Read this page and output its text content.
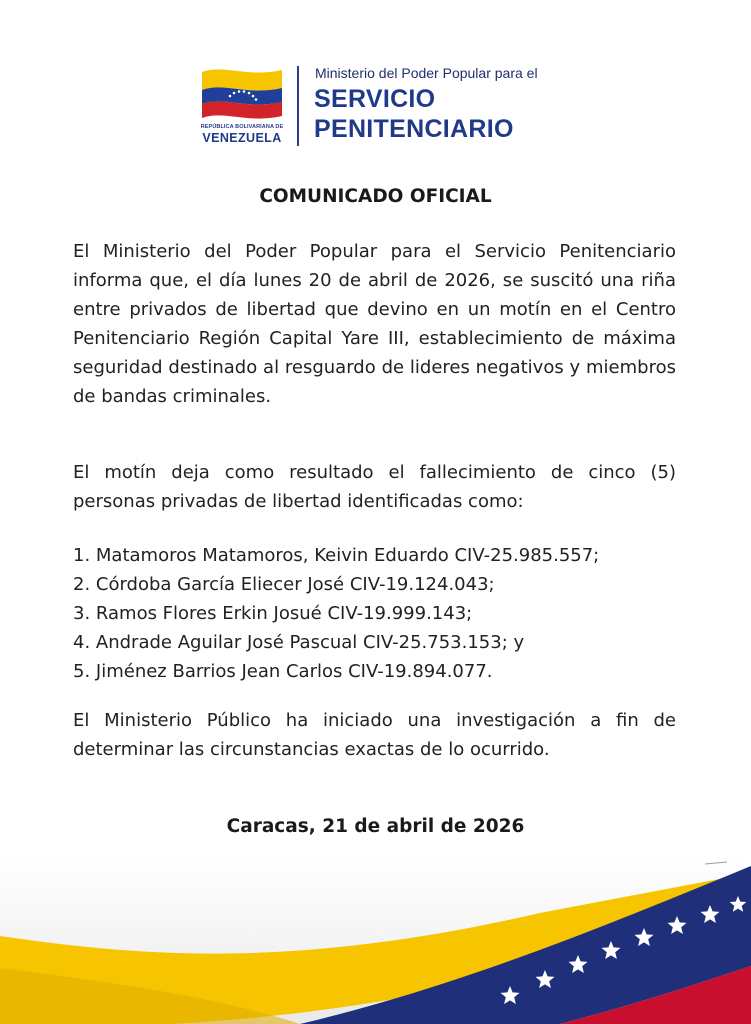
REPÚBLICA BOLIVARIANA DE
VENEZUELA
Ministerio del Poder Popular para el
SERVICIO
PENITENCIARIO
COMUNICADO OFICIAL

El Ministerio del Poder Popular para el Servicio Penitenciario informa que, el día lunes 20 de abril de 2026, se suscitó una riña entre privados de libertad que devino en un motín en el Centro Penitenciario Región Capital Yare III, establecimiento de máxima seguridad destinado al resguardo de lideres negativos y miembros de bandas criminales.

El motín deja como resultado el fallecimiento de cinco (5) personas privadas de libertad identificadas como:

1. Matamoros Matamoros, Keivin Eduardo CIV-25.985.557;
2. Córdoba García Eliecer José CIV-19.124.043;
3. Ramos Flores Erkin Josué CIV-19.999.143;
4. Andrade Aguilar José Pascual CIV-25.753.153; y
5. Jiménez Barrios Jean Carlos CIV-19.894.077.

El Ministerio Público ha iniciado una investigación a fin de determinar las circunstancias exactas de lo ocurrido.

Caracas, 21 de abril de 2026
